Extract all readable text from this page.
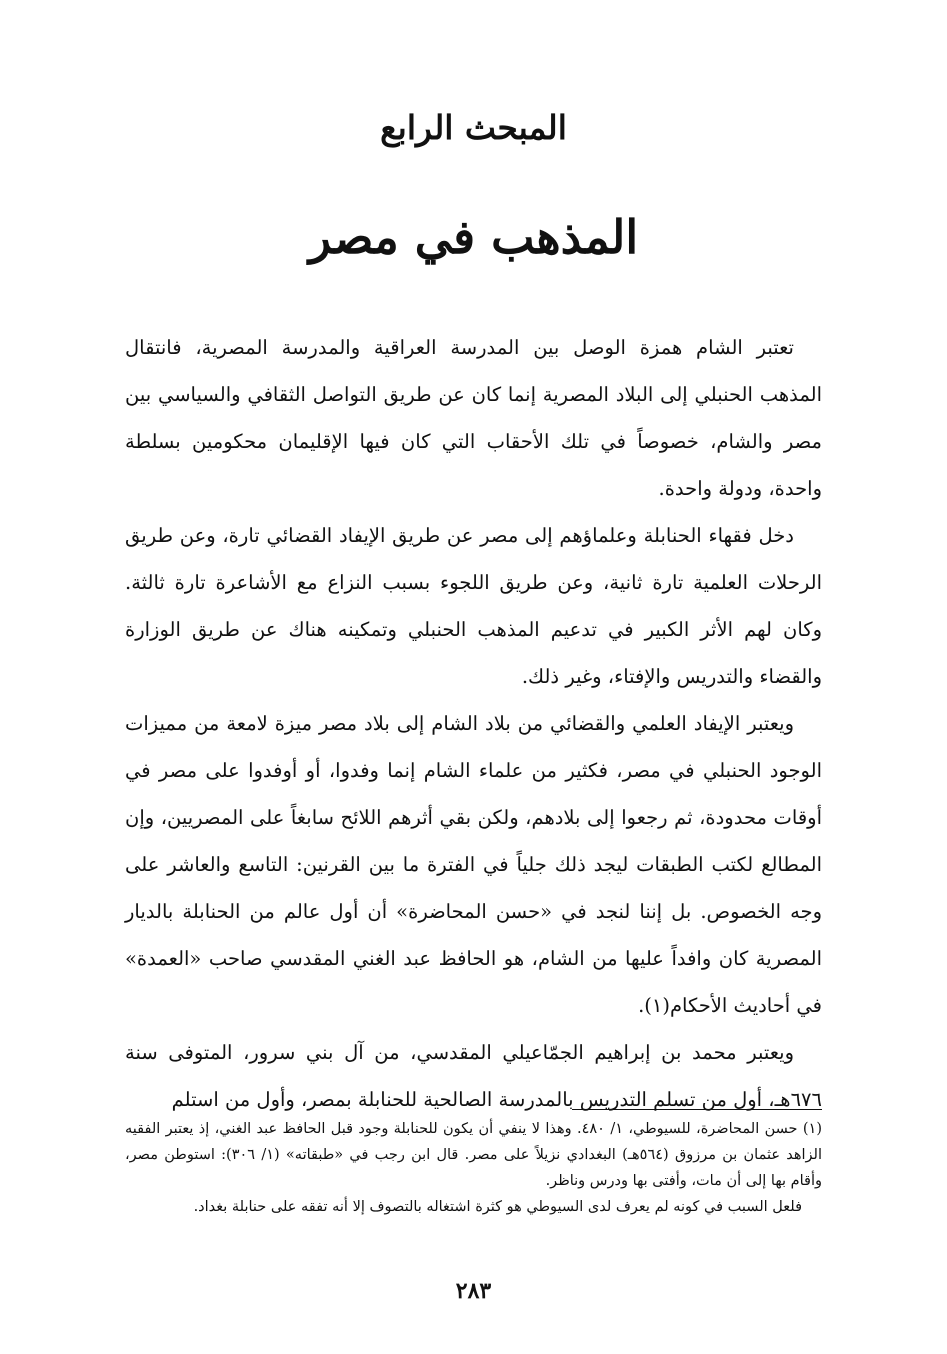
المبحث الرابع
المذهب في مصر

تعتبر الشام همزة الوصل بين المدرسة العراقية والمدرسة المصرية، فانتقال المذهب الحنبلي إلى البلاد المصرية إنما كان عن طريق التواصل الثقافي والسياسي بين مصر والشام، خصوصاً في تلك الأحقاب التي كان فيها الإقليمان محكومين بسلطة واحدة، ودولة واحدة.

دخل فقهاء الحنابلة وعلماؤهم إلى مصر عن طريق الإيفاد القضائي تارة، وعن طريق الرحلات العلمية تارة ثانية، وعن طريق اللجوء بسبب النزاع مع الأشاعرة تارة ثالثة. وكان لهم الأثر الكبير في تدعيم المذهب الحنبلي وتمكينه هناك عن طريق الوزارة والقضاء والتدريس والإفتاء، وغير ذلك.

ويعتبر الإيفاد العلمي والقضائي من بلاد الشام إلى بلاد مصر ميزة لامعة من مميزات الوجود الحنبلي في مصر، فكثير من علماء الشام إنما وفدوا، أو أوفدوا على مصر في أوقات محدودة، ثم رجعوا إلى بلادهم، ولكن بقي أثرهم اللائح سابغاً على المصريين، وإن المطالع لكتب الطبقات ليجد ذلك جلياً في الفترة ما بين القرنين: التاسع والعاشر على وجه الخصوص. بل إننا لنجد في «حسن المحاضرة» أن أول عالم من الحنابلة بالديار المصرية كان وافداً عليها من الشام، هو الحافظ عبد الغني المقدسي صاحب «العمدة» في أحاديث الأحكام(١).

ويعتبر محمد بن إبراهيم الجمّاعيلي المقدسي، من آل بني سرور، المتوفى سنة ٦٧٦هـ، أول من تسلم التدريس بالمدرسة الصالحية للحنابلة بمصر، وأول من استلم

(١) حسن المحاضرة، للسيوطي، ١/ ٤٨٠. وهذا لا ينفي أن يكون للحنابلة وجود قبل الحافظ عبد الغني، إذ يعتبر الفقيه الزاهد عثمان بن مرزوق (٥٦٤هـ) البغدادي نزيلاً على مصر. قال ابن رجب في «طبقاته» (١/ ٣٠٦): استوطن مصر، وأقام بها إلى أن مات، وأفتى بها ودرس وناظر.

فلعل السبب في كونه لم يعرف لدى السيوطي هو كثرة اشتغاله بالتصوف إلا أنه تفقه على حنابلة بغداد.

٢٨٣
